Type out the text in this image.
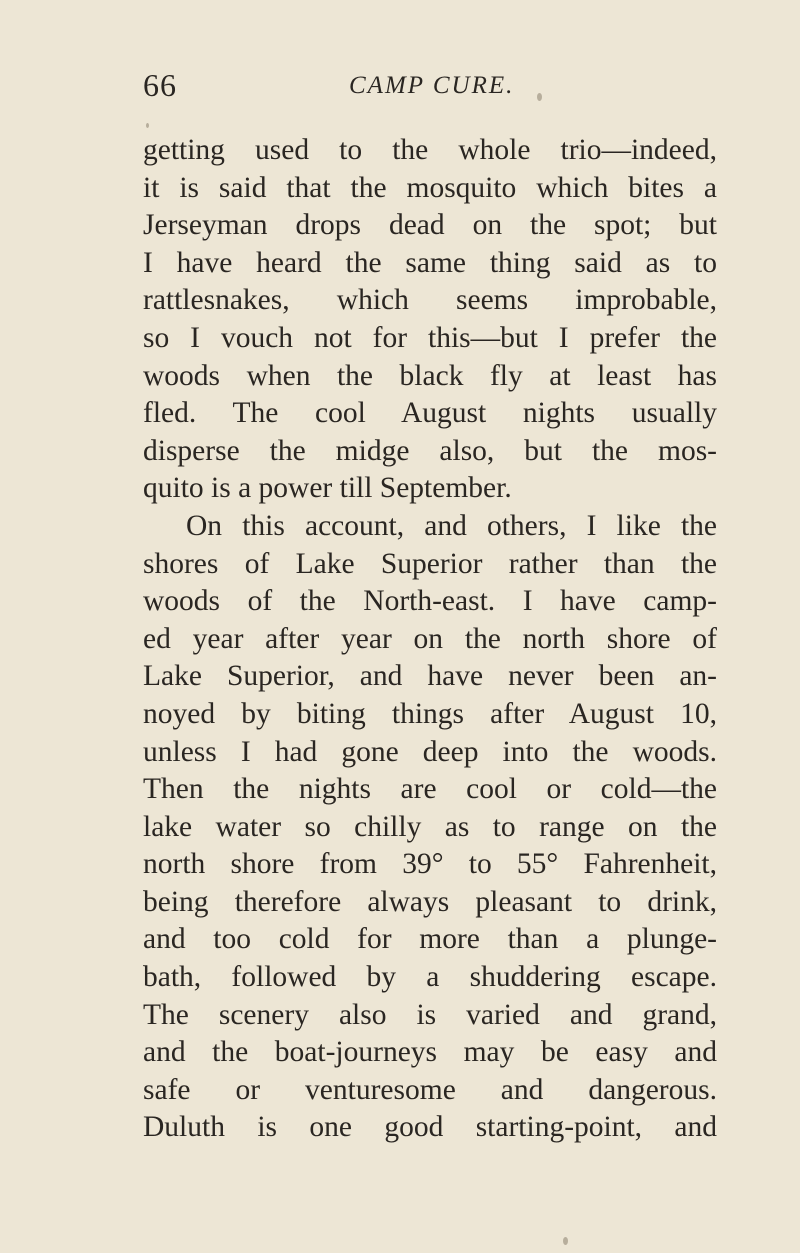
66	CAMP CURE.
getting used to the whole trio—indeed,
it is said that the mosquito which bites a
Jerseyman drops dead on the spot; but
I have heard the same thing said as to
rattlesnakes, which seems improbable,
so I vouch not for this—but I prefer the
woods when the black fly at least has
fled. The cool August nights usually
disperse the midge also, but the mos-
quito is a power till September.
On this account, and others, I like the
shores of Lake Superior rather than the
woods of the North-east. I have camp-
ed year after year on the north shore of
Lake Superior, and have never been an-
noyed by biting things after August 10,
unless I had gone deep into the woods.
Then the nights are cool or cold—the
lake water so chilly as to range on the
north shore from 39° to 55° Fahrenheit,
being therefore always pleasant to drink,
and too cold for more than a plunge-
bath, followed by a shuddering escape.
The scenery also is varied and grand,
and the boat-journeys may be easy and
safe or venturesome and dangerous.
Duluth is one good starting-point, and
